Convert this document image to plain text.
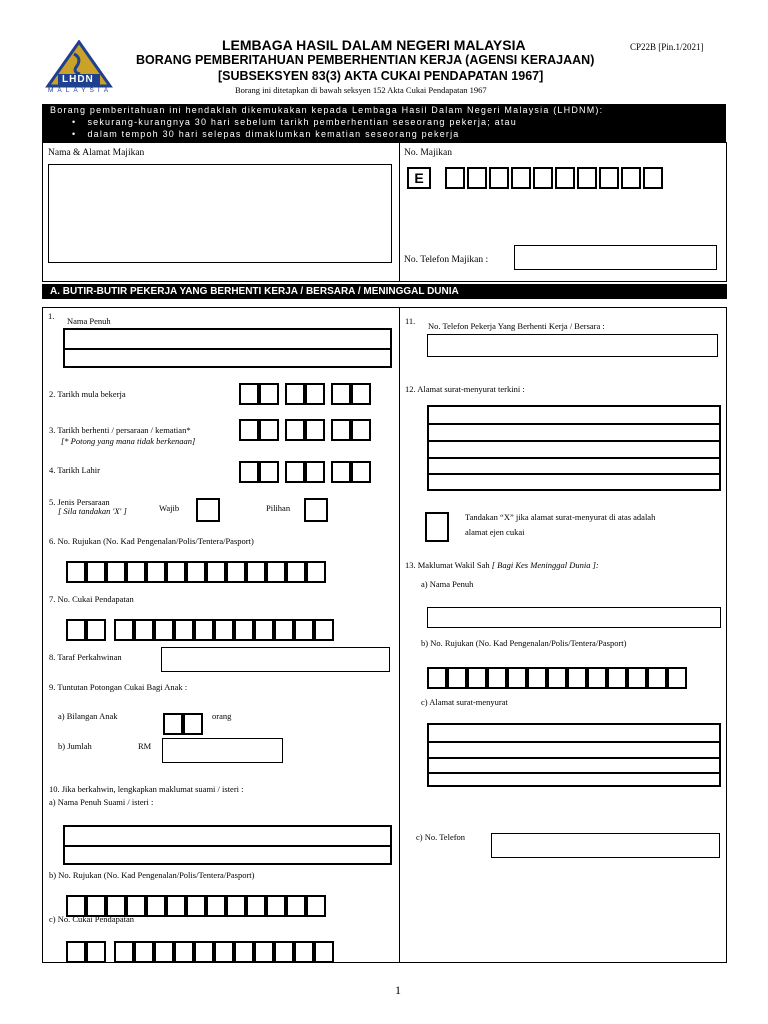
LHDN
MALAYSIA
LEMBAGA HASIL DALAM NEGERI MALAYSIA	CP22B [Pin.1/2021]
BORANG PEMBERITAHUAN PEMBERHENTIAN KERJA (AGENSI KERAJAAN)
[SUBSEKSYEN 83(3) AKTA CUKAI PENDAPATAN 1967]
Borang ini ditetapkan di bawah seksyen 152 Akta Cukai Pendapatan 1967
Borang pemberitahuan ini hendaklah dikemukakan kepada Lembaga Hasil Dalam Negeri Malaysia (LHDNM):
•   sekurang-kurangnya 30 hari sebelum tarikh pemberhentian seseorang pekerja; atau
•   dalam tempoh 30 hari selepas dimaklumkan kematian seseorang pekerja
Nama & Alamat Majikan	No. Majikan
E
No. Telefon Majikan :
A. BUTIR-BUTIR PEKERJA YANG BERHENTI KERJA / BERSARA / MENINGGAL DUNIA
1. Nama Penuh
2. Tarikh mula bekerja
3. Tarikh berhenti / persaraan / kematian*
[* Potong yang mana tidak berkenaan]
4. Tarikh Lahir
5. Jenis Persaraan
[ Sila tandakan 'X' ]	Wajib	Pilihan
6. No. Rujukan (No. Kad Pengenalan/Polis/Tentera/Pasport)
7. No. Cukai Pendapatan
8. Taraf Perkahwinan
9. Tuntutan Potongan Cukai Bagi Anak :
a) Bilangan Anak	orang
b) Jumlah	RM
10. Jika berkahwin, lengkapkan maklumat suami / isteri :
a) Nama Penuh Suami / isteri :
b) No. Rujukan (No. Kad Pengenalan/Polis/Tentera/Pasport)
c) No. Cukai Pendapatan
11. No. Telefon Pekerja Yang Berhenti Kerja / Bersara :
12. Alamat surat-menyurat terkini :
Tandakan “X” jika alamat surat-menyurat di atas adalah
alamat ejen cukai
13. Maklumat Wakil Sah [ Bagi Kes Meninggal Dunia ]:
a) Nama Penuh
b) No. Rujukan (No. Kad Pengenalan/Polis/Tentera/Pasport)
c) Alamat surat-menyurat
c) No. Telefon
1
